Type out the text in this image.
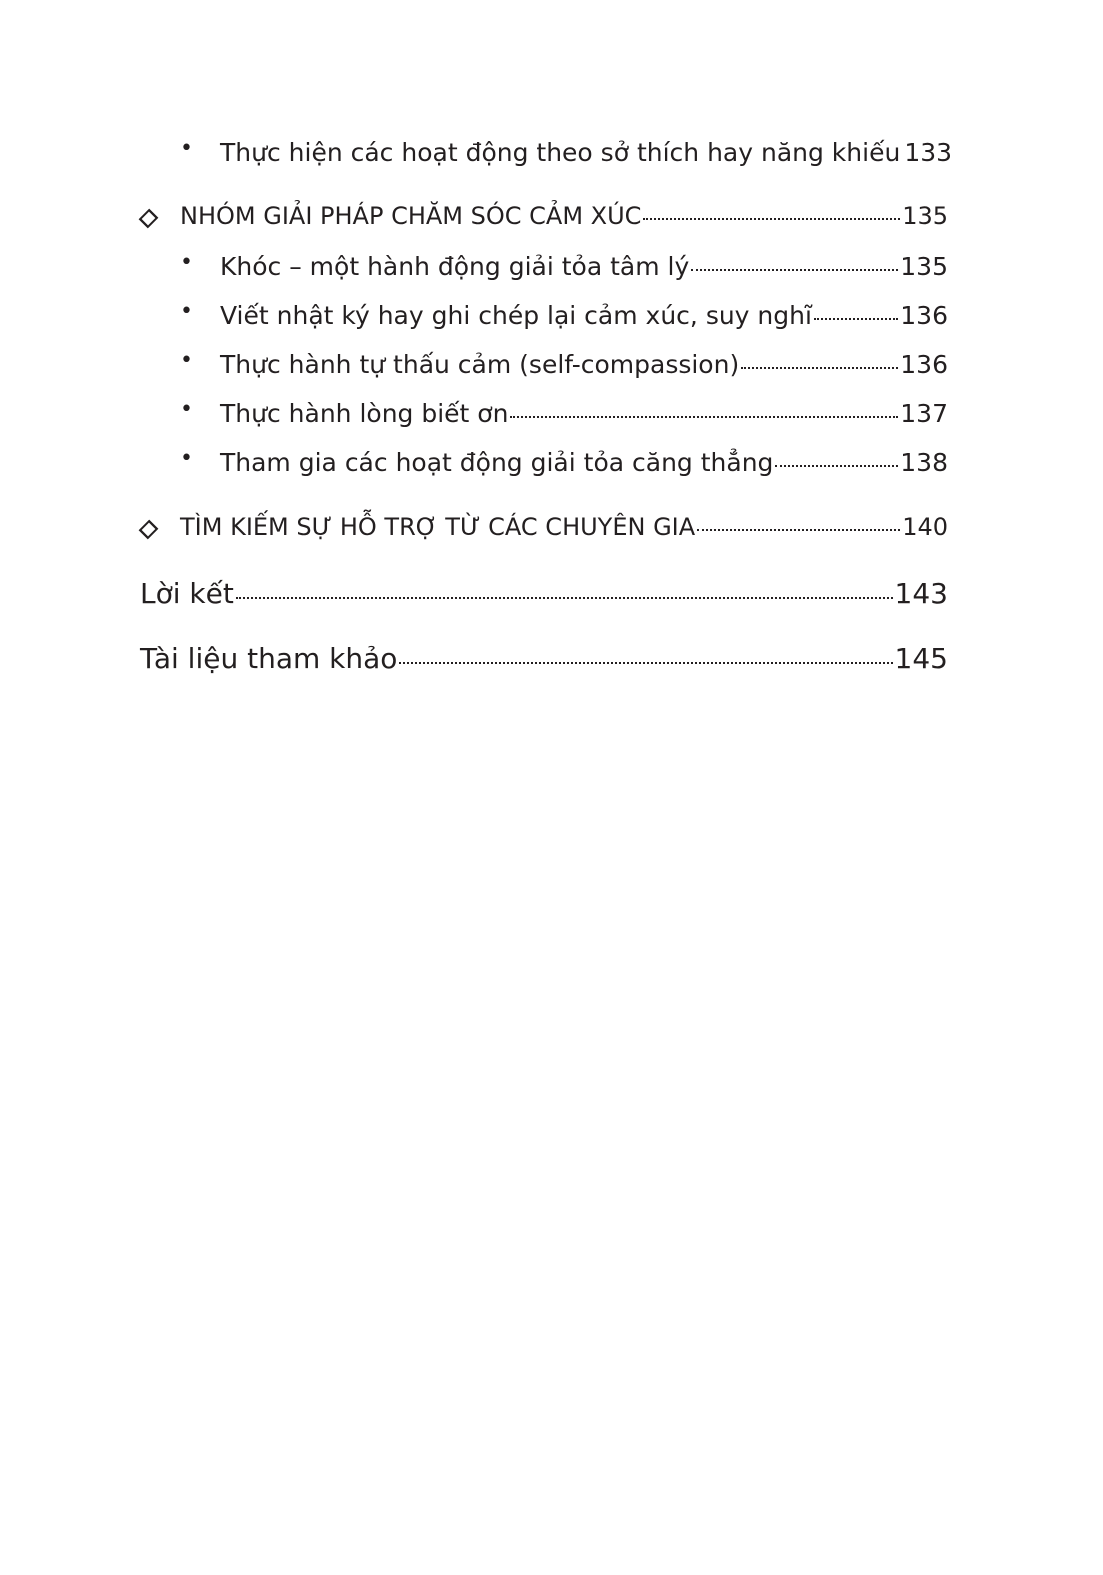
• Thực hiện các hoạt động theo sở thích hay năng khiếu 133
NHÓM GIẢI PHÁP CHĂM SÓC CẢM XÚC	135
• Khóc – một hành động giải tỏa tâm lý	135
• Viết nhật ký hay ghi chép lại cảm xúc, suy nghĩ	136
• Thực hành tự thấu cảm (self-compassion)	136
• Thực hành lòng biết ơn	137
• Tham gia các hoạt động giải tỏa căng thẳng	138
TÌM KIẾM SỰ HỖ TRỢ TỪ CÁC CHUYÊN GIA	140
Lời kết	143
Tài liệu tham khảo	145
